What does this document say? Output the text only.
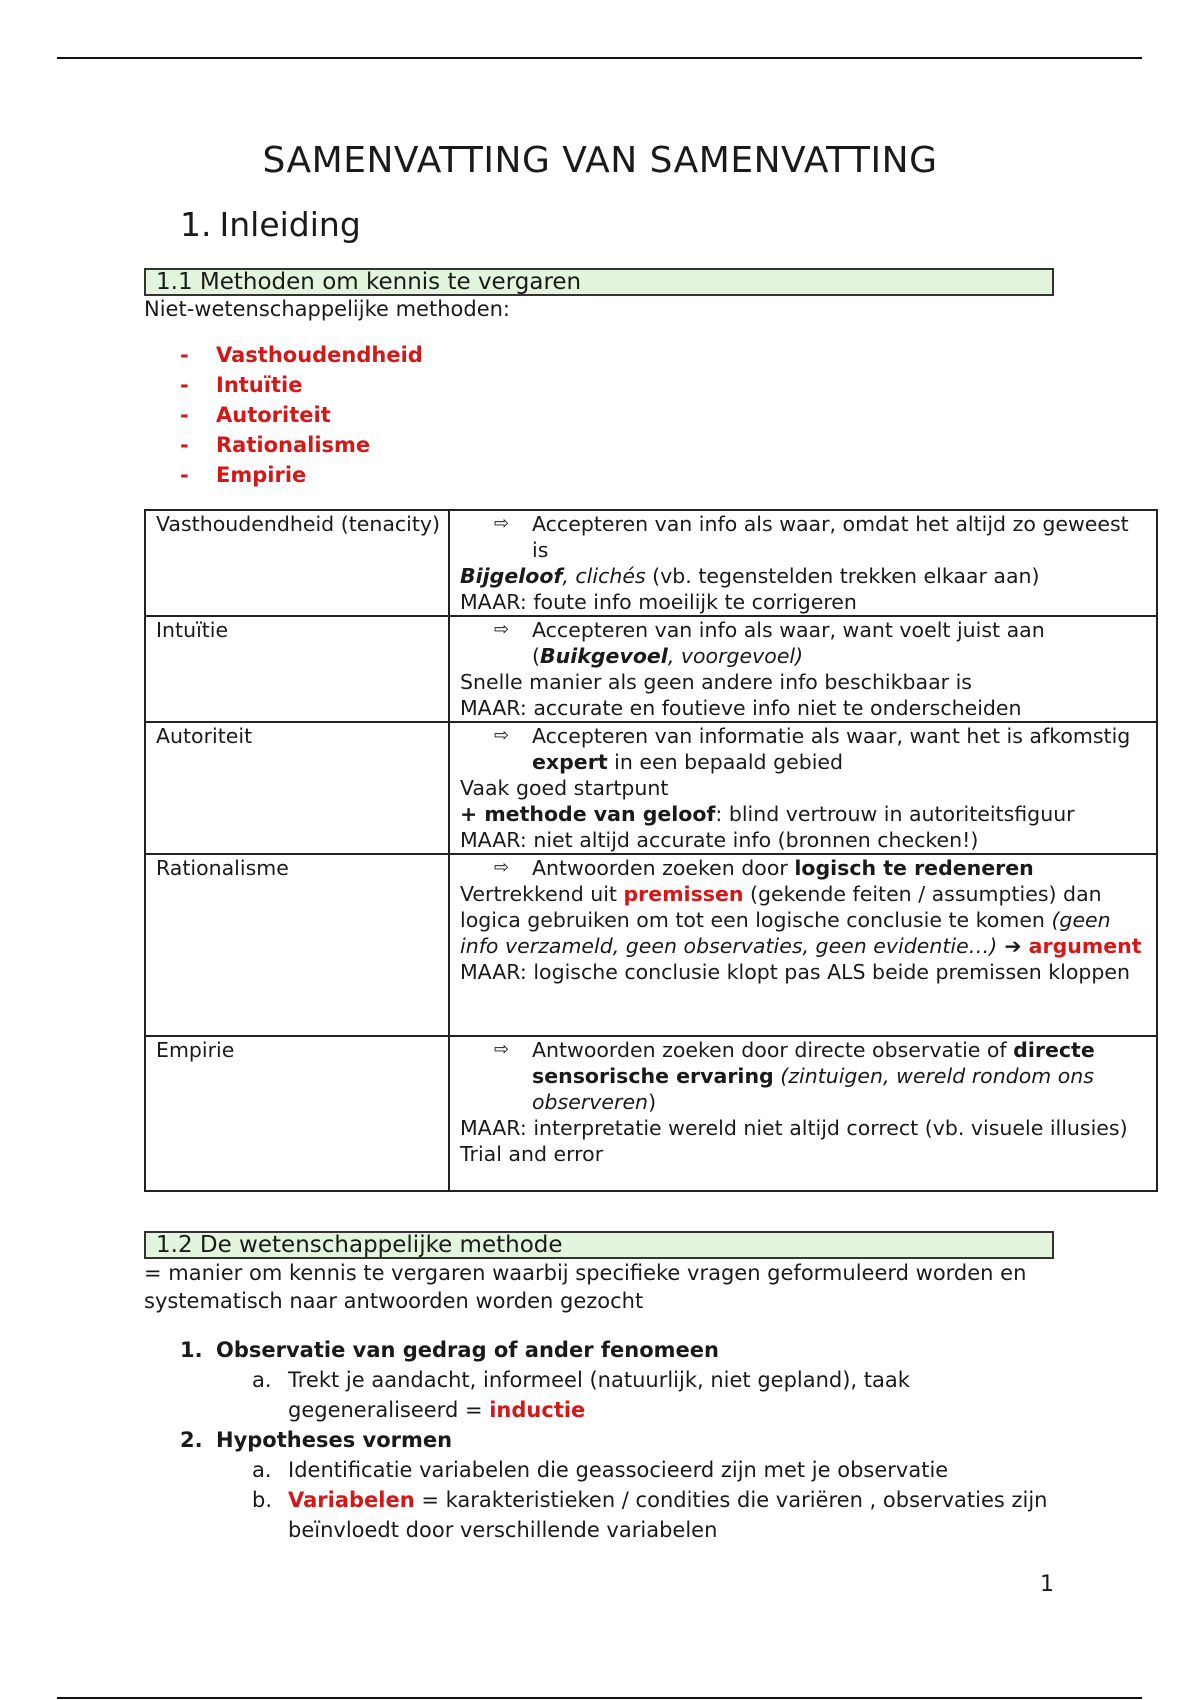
SAMENVATTING VAN SAMENVATTING
1. Inleiding
1.1 Methoden om kennis te vergaren
Niet-wetenschappelijke methoden:
-	Vasthoudendheid
-	Intuïtie
-	Autoriteit
-	Rationalisme
-	Empirie
Vasthoudendheid (tenacity)	⇨ Accepteren van info als waar, omdat het altijd zo geweest is
Bijgeloof, clichés (vb. tegenstelden trekken elkaar aan)
MAAR: foute info moeilijk te corrigeren

Intuïtie	⇨ Accepteren van info als waar, want voelt juist aan
(Buikgevoel, voorgevoel)
Snelle manier als geen andere info beschikbaar is
MAAR: accurate en foutieve info niet te onderscheiden

Autoriteit	⇨ Accepteren van informatie als waar, want het is afkomstig expert in een bepaald gebied
Vaak goed startpunt
+ methode van geloof: blind vertrouw in autoriteitsfiguur
MAAR: niet altijd accurate info (bronnen checken!)

Rationalisme	⇨ Antwoorden zoeken door logisch te redeneren
Vertrekkend uit premissen (gekende feiten / assumpties) dan logica gebruiken om tot een logische conclusie te komen (geen info verzameld, geen observaties, geen evidentie…) ➔ argument
MAAR: logische conclusie klopt pas ALS beide premissen kloppen

Empirie	⇨ Antwoorden zoeken door directe observatie of directe sensorische ervaring (zintuigen, wereld rondom ons observeren)
MAAR: interpretatie wereld niet altijd correct (vb. visuele illusies)
Trial and error
1.2 De wetenschappelijke methode
= manier om kennis te vergaren waarbij specifieke vragen geformuleerd worden en systematisch naar antwoorden worden gezocht
1. Observatie van gedrag of ander fenomeen
a. Trekt je aandacht, informeel (natuurlijk, niet gepland), taak gegeneraliseerd = inductie
2. Hypotheses vormen
a. Identificatie variabelen die geassocieerd zijn met je observatie
b. Variabelen = karakteristieken / condities die variëren , observaties zijn beïnvloedt door verschillende variabelen
1
